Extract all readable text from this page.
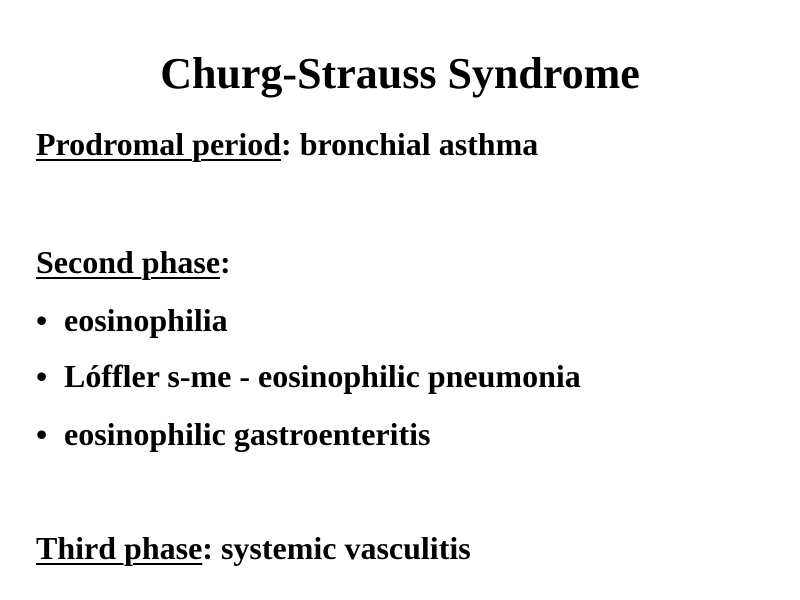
Churg-Strauss Syndrome
Prodromal period: bronchial asthma
Second phase:
• eosinophilia
• Lóffler s-me - eosinophilic pneumonia
• eosinophilic gastroenteritis
Third phase: systemic vasculitis
